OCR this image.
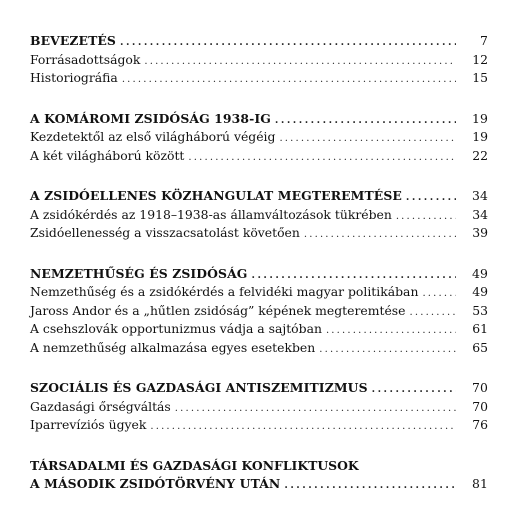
BEVEZETÉS . . .	7
Forrásadottságok . . .	12
Historiográfia . . .	15
A KOMÁROMI ZSIDÓSÁG 1938-IG . . .	19
Kezdetektől az első világháború végéig . . .	19
A két világháború között . . .	22
A ZSIDÓELLENES KÖZHANGULAT MEGTEREMTÉSE . . .	34
A zsidókérdés az 1918–1938-as államváltozások tükrében . . .	34
Zsidóellenesség a visszacsatolást követően . . .	39
NEMZETHŰSÉG ÉS ZSIDÓSÁG . . .	49
Nemzethűség és a zsidókérdés a felvidéki magyar politikában . . .	49
Jaross Andor és a „hűtlen zsidóság” képének megteremtése . . .	53
A csehszlovák opportunizmus vádja a sajtóban . . .	61
A nemzethűség alkalmazása egyes esetekben . . .	65
SZOCIÁLIS ÉS GAZDASÁGI ANTISZEMITIZMUS . . .	70
Gazdasági őrségváltás . . .	70
Iparrevíziós ügyek . . .	76
TÁRSADALMI ÉS GAZDASÁGI KONFLIKTUSOK
A MÁSODIK ZSIDÓTÖRVÉNY UTÁN . . .	81
